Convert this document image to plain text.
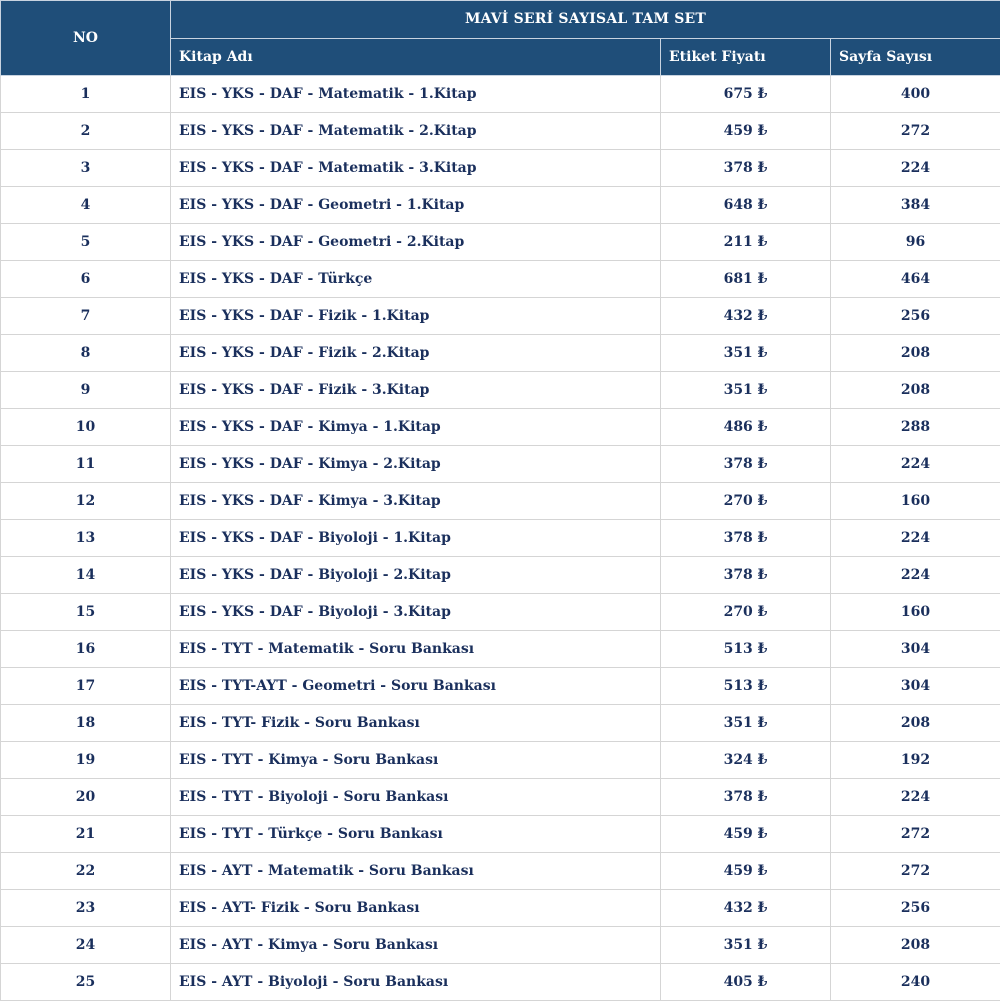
NO	MAVİ SERİ SAYISAL TAM SET		
	Kitap Adı	Etiket Fiyatı	Sayfa Sayısı
1	EIS - YKS - DAF - Matematik - 1.Kitap	675 ₺	400
2	EIS - YKS - DAF - Matematik - 2.Kitap	459 ₺	272
3	EIS - YKS - DAF - Matematik - 3.Kitap	378 ₺	224
4	EIS - YKS - DAF - Geometri - 1.Kitap	648 ₺	384
5	EIS - YKS - DAF - Geometri - 2.Kitap	211 ₺	96
6	EIS - YKS - DAF - Türkçe	681 ₺	464
7	EIS - YKS - DAF - Fizik - 1.Kitap	432 ₺	256
8	EIS - YKS - DAF - Fizik - 2.Kitap	351 ₺	208
9	EIS - YKS - DAF - Fizik - 3.Kitap	351 ₺	208
10	EIS - YKS - DAF - Kimya - 1.Kitap	486 ₺	288
11	EIS - YKS - DAF - Kimya - 2.Kitap	378 ₺	224
12	EIS - YKS - DAF - Kimya - 3.Kitap	270 ₺	160
13	EIS - YKS - DAF - Biyoloji - 1.Kitap	378 ₺	224
14	EIS - YKS - DAF - Biyoloji - 2.Kitap	378 ₺	224
15	EIS - YKS - DAF - Biyoloji - 3.Kitap	270 ₺	160
16	EIS - TYT - Matematik - Soru Bankası	513 ₺	304
17	EIS - TYT-AYT - Geometri - Soru Bankası	513 ₺	304
18	EIS - TYT- Fizik - Soru Bankası	351 ₺	208
19	EIS - TYT - Kimya - Soru Bankası	324 ₺	192
20	EIS - TYT - Biyoloji - Soru Bankası	378 ₺	224
21	EIS - TYT - Türkçe - Soru Bankası	459 ₺	272
22	EIS - AYT - Matematik - Soru Bankası	459 ₺	272
23	EIS - AYT- Fizik - Soru Bankası	432 ₺	256
24	EIS - AYT - Kimya - Soru Bankası	351 ₺	208
25	EIS - AYT - Biyoloji - Soru Bankası	405 ₺	240
